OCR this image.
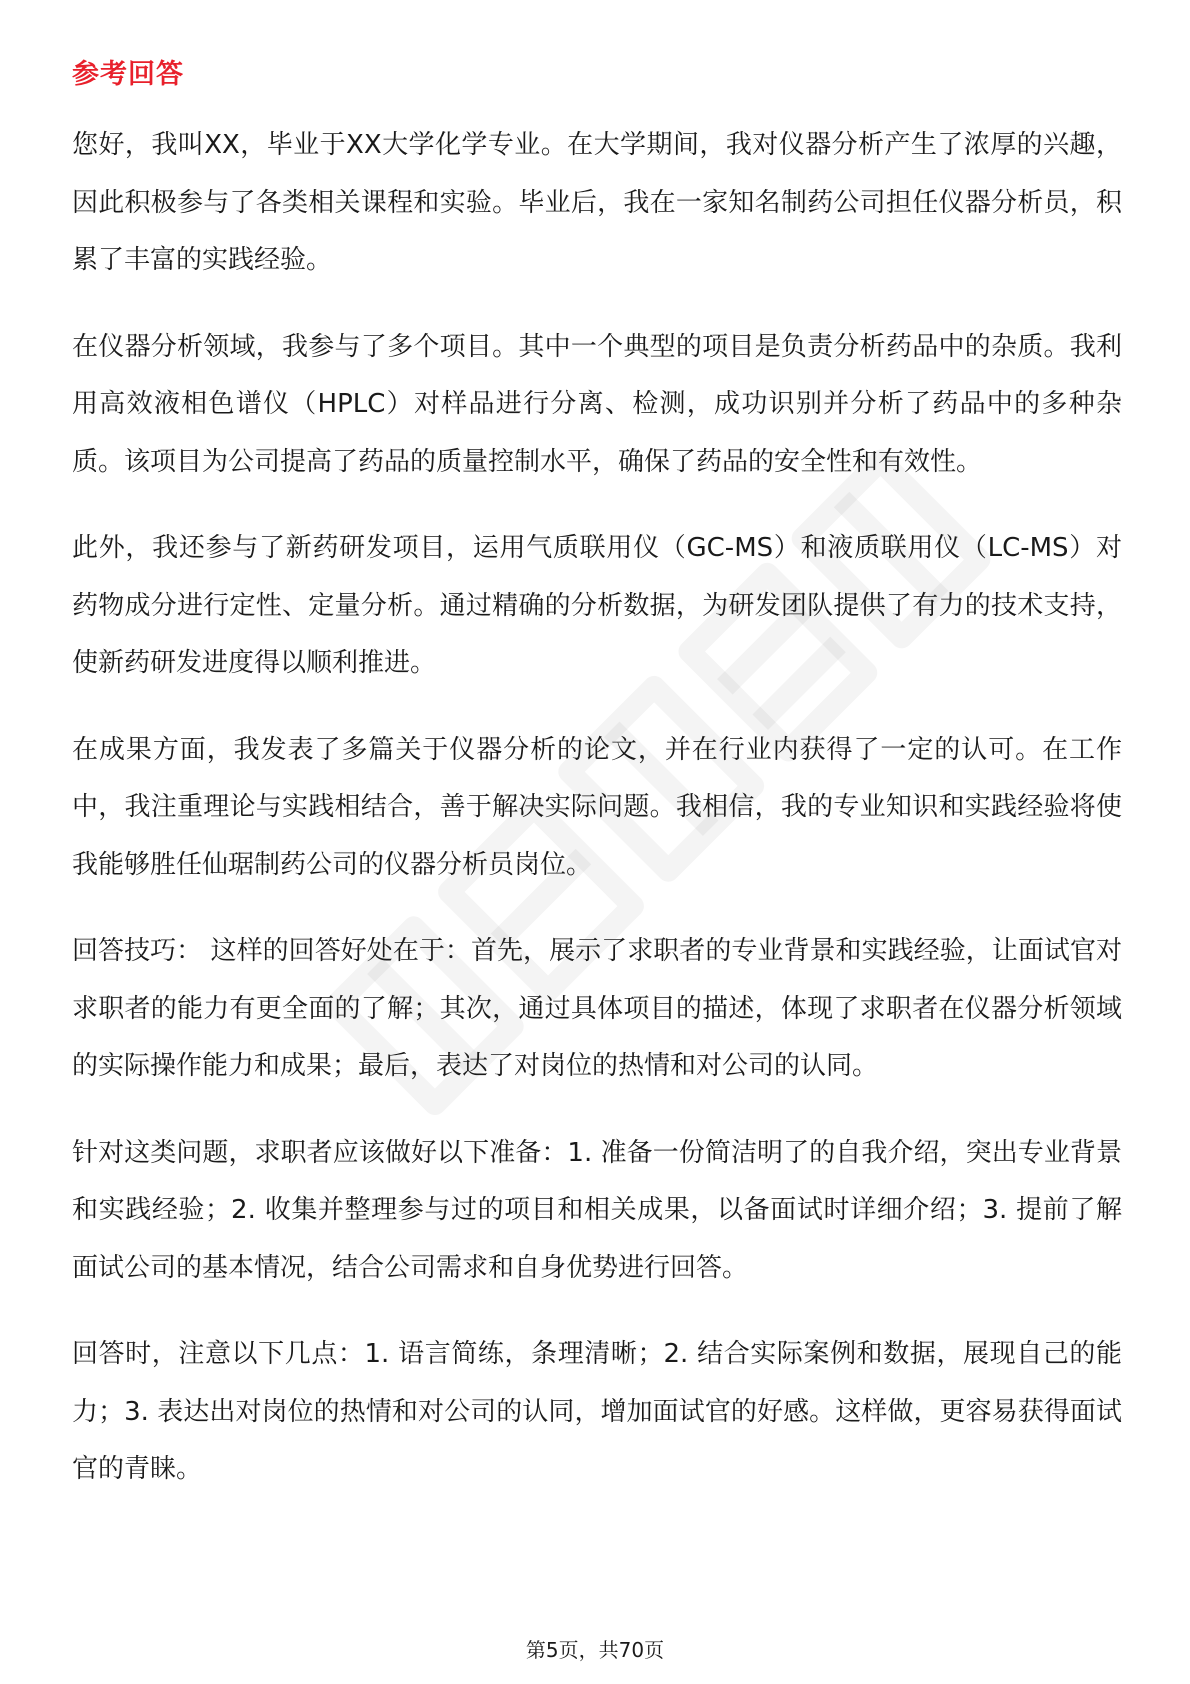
参考回答

您好，我叫XX，毕业于XX大学化学专业。在大学期间，我对仪器分析产生了浓厚的兴趣，因此积极参与了各类相关课程和实验。毕业后，我在一家知名制药公司担任仪器分析员，积累了丰富的实践经验。

在仪器分析领域，我参与了多个项目。其中一个典型的项目是负责分析药品中的杂质。我利用高效液相色谱仪（HPLC）对样品进行分离、检测，成功识别并分析了药品中的多种杂质。该项目为公司提高了药品的质量控制水平，确保了药品的安全性和有效性。

此外，我还参与了新药研发项目，运用气质联用仪（GC-MS）和液质联用仪（LC-MS）对药物成分进行定性、定量分析。通过精确的分析数据，为研发团队提供了有力的技术支持，使新药研发进度得以顺利推进。

在成果方面，我发表了多篇关于仪器分析的论文，并在行业内获得了一定的认可。在工作中，我注重理论与实践相结合，善于解决实际问题。我相信，我的专业知识和实践经验将使我能够胜任仙琚制药公司的仪器分析员岗位。

回答技巧： 这样的回答好处在于：首先，展示了求职者的专业背景和实践经验，让面试官对求职者的能力有更全面的了解；其次，通过具体项目的描述，体现了求职者在仪器分析领域的实际操作能力和成果；最后，表达了对岗位的热情和对公司的认同。

针对这类问题，求职者应该做好以下准备：1. 准备一份简洁明了的自我介绍，突出专业背景和实践经验；2. 收集并整理参与过的项目和相关成果，以备面试时详细介绍；3. 提前了解面试公司的基本情况，结合公司需求和自身优势进行回答。

回答时，注意以下几点：1. 语言简练，条理清晰；2. 结合实际案例和数据，展现自己的能力；3. 表达出对岗位的热情和对公司的认同，增加面试官的好感。这样做，更容易获得面试官的青睐。

第5页，共70页
